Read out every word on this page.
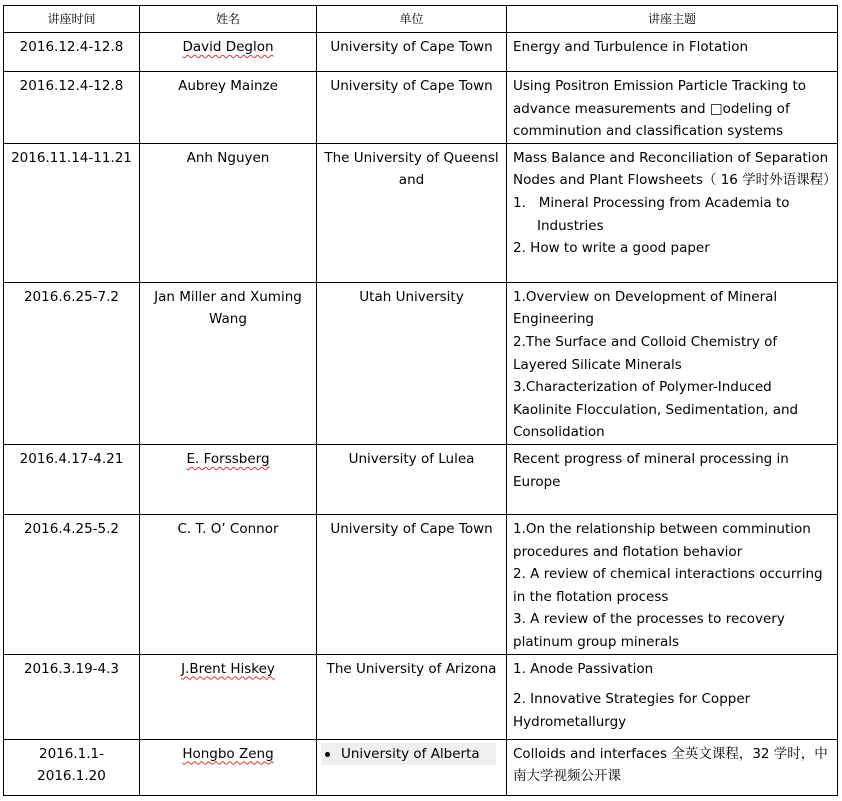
讲座时间	姓名	单位	讲座主题
2016.12.4-12.8	David Deglon	University of Cape Town	Energy and Turbulence in Flotation
2016.12.4-12.8	Aubrey Mainze	University of Cape Town	Using Positron Emission Particle Tracking to advance measurements and □odeling of comminution and classification systems
2016.11.14-11.21	Anh Nguyen	The University of Queensl and	Mass Balance and Reconciliation of Separation Nodes and Plant Flowsheets（ 16 学时外语课程）
1.   Mineral Processing from Academia to Industries
2. How to write a good paper

2016.6.25-7.2	Jan Miller and Xuming Wang	Utah University	1.Overview on Development of Mineral Engineering
2.The Surface and Colloid Chemistry of Layered Silicate Minerals
3.Characterization of Polymer-Induced Kaolinite Flocculation, Sedimentation, and Consolidation
2016.4.17-4.21	E. Forssberg	University of Lulea	Recent progress of mineral processing in Europe
2016.4.25-5.2	C. T. O’ Connor	University of Cape Town	1.On the relationship between comminution procedures and flotation behavior
2. A review of chemical interactions occurring in the flotation process
3. A review of the processes to recovery platinum group minerals
2016.3.19-4.3	J.Brent Hiskey	The University of Arizona	1. Anode Passivation
2. Innovative Strategies for Copper Hydrometallurgy

2016.1.1-
2016.1.20	Hongbo Zeng	University of Alberta	Colloids and interfaces 全英文课程，32 学时，中南大学视频公开课
